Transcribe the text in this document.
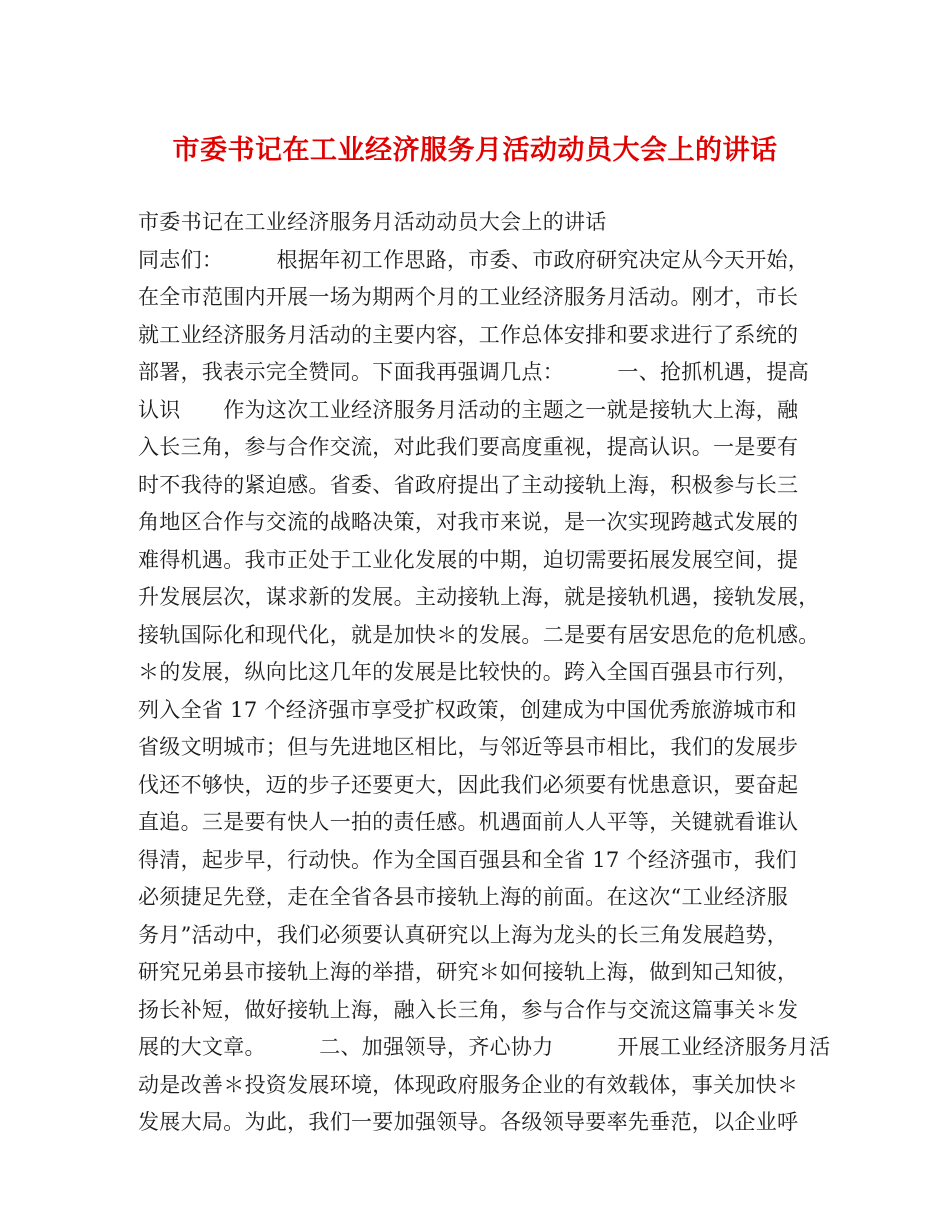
市委书记在工业经济服务月活动动员大会上的讲话
市委书记在工业经济服务月活动动员大会上的讲话
同志们：　　　根据年初工作思路，市委、市政府研究决定从今天开始，
在全市范围内开展一场为期两个月的工业经济服务月活动。刚才，市长
就工业经济服务月活动的主要内容，工作总体安排和要求进行了系统的
部署，我表示完全赞同。下面我再强调几点：　　　一、抢抓机遇，提高
认识　　作为这次工业经济服务月活动的主题之一就是接轨大上海，融
入长三角，参与合作交流，对此我们要高度重视，提高认识。一是要有
时不我待的紧迫感。省委、省政府提出了主动接轨上海，积极参与长三
角地区合作与交流的战略决策，对我市来说，是一次实现跨越式发展的
难得机遇。我市正处于工业化发展的中期，迫切需要拓展发展空间，提
升发展层次，谋求新的发展。主动接轨上海，就是接轨机遇，接轨发展，
接轨国际化和现代化，就是加快＊的发展。二是要有居安思危的危机感。
＊的发展，纵向比这几年的发展是比较快的。跨入全国百强县市行列，
列入全省 17 个经济强市享受扩权政策，创建成为中国优秀旅游城市和
省级文明城市；但与先进地区相比，与邻近等县市相比，我们的发展步
伐还不够快，迈的步子还要更大，因此我们必须要有忧患意识，要奋起
直追。三是要有快人一拍的责任感。机遇面前人人平等，关键就看谁认
得清，起步早，行动快。作为全国百强县和全省 17 个经济强市，我们
必须捷足先登，走在全省各县市接轨上海的前面。在这次“工业经济服
务月”活动中，我们必须要认真研究以上海为龙头的长三角发展趋势，
研究兄弟县市接轨上海的举措，研究＊如何接轨上海，做到知己知彼，
扬长补短，做好接轨上海，融入长三角，参与合作与交流这篇事关＊发
展的大文章。　　　二、加强领导，齐心协力　　　开展工业经济服务月活
动是改善＊投资发展环境，体现政府服务企业的有效载体，事关加快＊
发展大局。为此，我们一要加强领导。各级领导要率先垂范，以企业呼
